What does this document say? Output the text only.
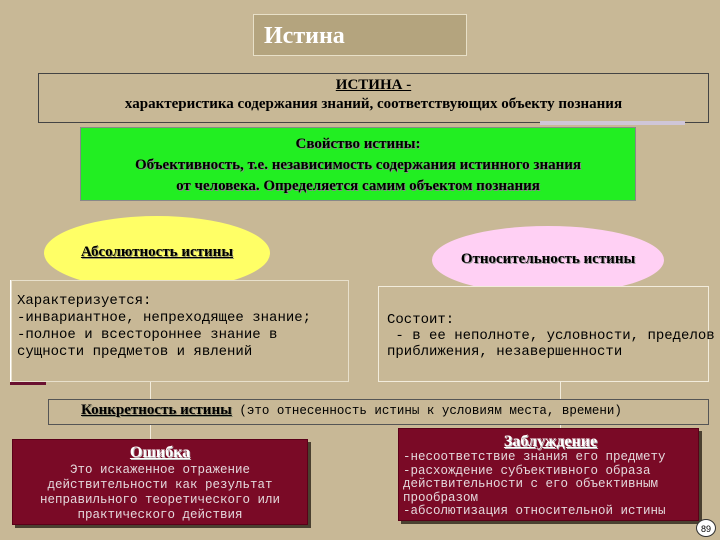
Истина
ИСТИНА -
характеристика содержания знаний, соответствующих объекту познания
Свойство истины:
Объективность, т.е. независимость содержания истинного знания
от человека. Определяется самим объектом познания
Абсолютность истины	Относительность истины
Характеризуется:
-инвариантное, непреходящее знание;
-полное и всестороннее знание в
сущности предметов и явлений
Состоит:
- в ее неполноте, условности, пределов
приближения, незавершенности
Конкретность истины (это отнесенность истины к условиям места, времени)
Ошибка
Это искаженное отражение
действительности как результат
неправильного теоретического или
практического действия
Заблуждение
-несоответствие знания его предмету
-расхождение субъективного образа
действительности с его объективным
прообразом
-абсолютизация относительной истины
89
